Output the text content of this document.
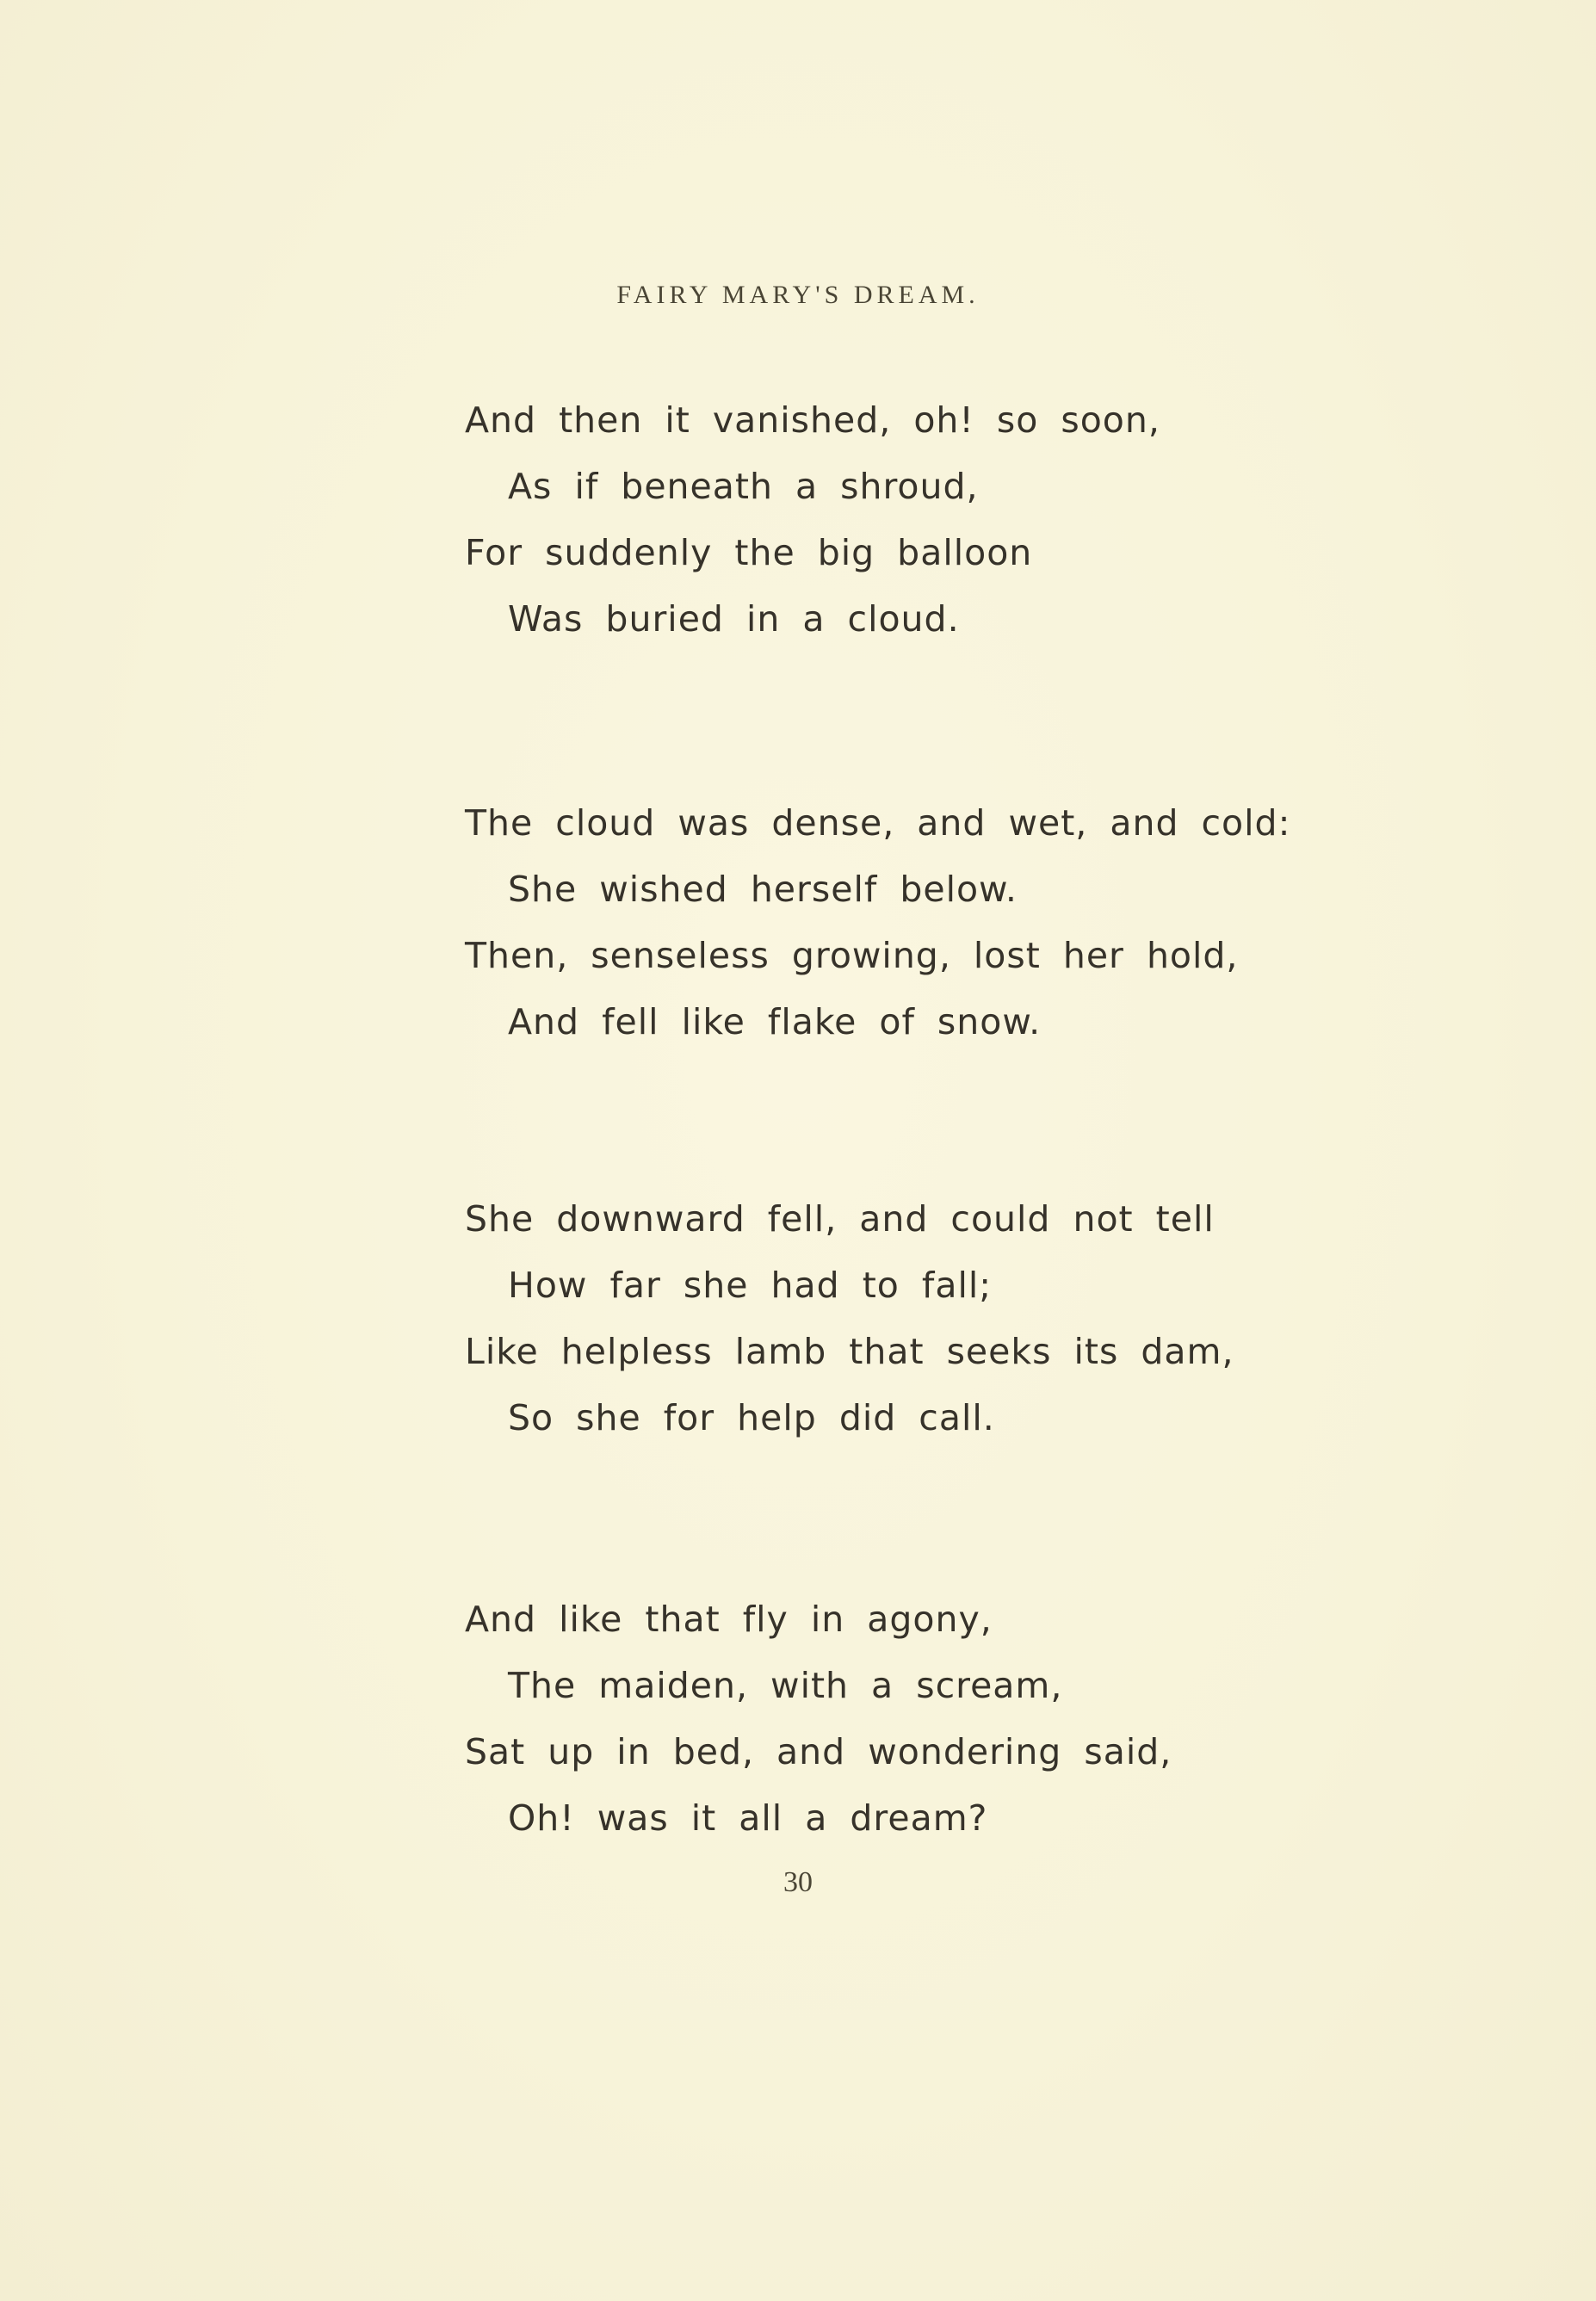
FAIRY MARY'S DREAM.
And then it vanished, oh! so soon,
As if beneath a shroud,
For suddenly the big balloon
Was buried in a cloud.
The cloud was dense, and wet, and cold:
She wished herself below.
Then, senseless growing, lost her hold,
And fell like flake of snow.
She downward fell, and could not tell
How far she had to fall;
Like helpless lamb that seeks its dam,
So she for help did call.
And like that fly in agony,
The maiden, with a scream,
Sat up in bed, and wondering said,
Oh! was it all a dream?
30
